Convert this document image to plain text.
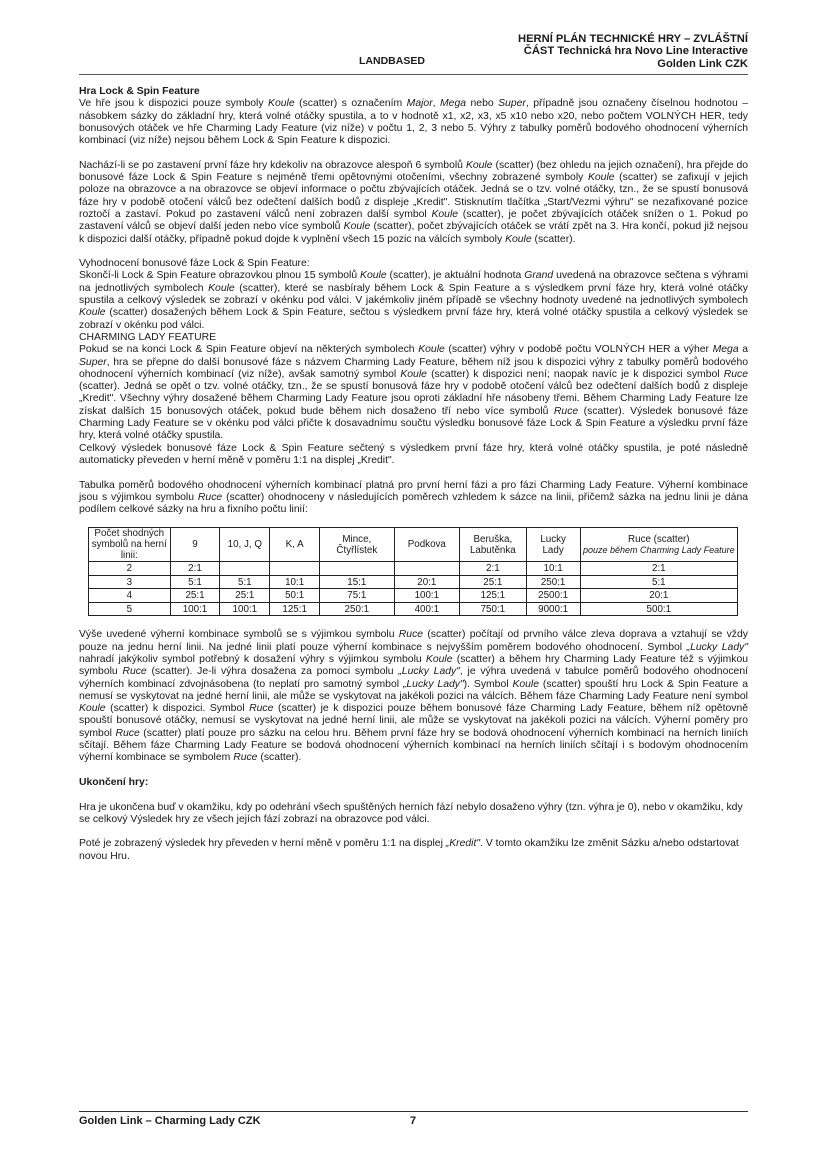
LANDBASED
HERNÍ PLÁN TECHNICKÉ HRY – ZVLÁŠTNÍ
ČÁST Technická hra Novo Line Interactive
Golden Link CZK

Hra Lock & Spin Feature

Ve hře jsou k dispozici pouze symboly Koule (scatter) s označením Major, Mega nebo Super, případně jsou označeny číselnou hodnotou – násobkem sázky do základní hry, která volné otáčky spustila, a to v hodnotě x1, x2, x3, x5 x10 nebo x20, nebo počtem VOLNÝCH HER, tedy bonusových otáček ve hře Charming Lady Feature (viz níže) v počtu 1, 2, 3 nebo 5. Výhry z tabulky poměrů bodového ohodnocení výherních kombinací (viz níže) nejsou během Lock & Spin Feature k dispozici.

Nachází-li se po zastavení první fáze hry kdekoliv na obrazovce alespoň 6 symbolů Koule (scatter) (bez ohledu na jejich označení), hra přejde do bonusové fáze Lock & Spin Feature s nejméně třemi opětovnými otočeními, všechny zobrazené symboly Koule (scatter) se zafixují v jejich poloze na obrazovce a na obrazovce se objeví informace o počtu zbývajících otáček. Jedná se o tzv. volné otáčky, tzn., že se spustí bonusová fáze hry v podobě otočení válců bez odečtení dalších bodů z displeje „Kredit". Stisknutím tlačítka „Start/Vezmi výhru" se nezafixované pozice roztočí a zastaví. Pokud po zastavení válců není zobrazen další symbol Koule (scatter), je počet zbývajících otáček snížen o 1. Pokud po zastavení válců se objeví další jeden nebo více symbolů Koule (scatter), počet zbývajících otáček se vrátí zpět na 3. Hra končí, pokud již nejsou k dispozici další otáčky, případně pokud dojde k vyplnění všech 15 pozic na válcích symboly Koule (scatter).

Vyhodnocení bonusové fáze Lock & Spin Feature:

Skončí-li Lock & Spin Feature obrazovkou plnou 15 symbolů Koule (scatter), je aktuální hodnota Grand uvedená na obrazovce sečtena s výhrami na jednotlivých symbolech Koule (scatter), které se nasbíraly během Lock & Spin Feature a s výsledkem první fáze hry, která volné otáčky spustila a celkový výsledek se zobrazí v okénku pod válci. V jakémkoliv jiném případě se všechny hodnoty uvedené na jednotlivých symbolech Koule (scatter) dosažených během Lock & Spin Feature, sečtou s výsledkem první fáze hry, která volné otáčky spustila a celkový výsledek se zobrazí v okénku pod válci.

CHARMING LADY FEATURE

Pokud se na konci Lock & Spin Feature objeví na některých symbolech Koule (scatter) výhry v podobě počtu VOLNÝCH HER a výher Mega a Super, hra se přepne do další bonusové fáze s názvem Charming Lady Feature, během níž jsou k dispozici výhry z tabulky poměrů bodového ohodnocení výherních kombinací (viz níže), avšak samotný symbol Koule (scatter) k dispozici není; naopak navíc je k dispozici symbol Ruce (scatter). Jedná se opět o tzv. volné otáčky, tzn., že se spustí bonusová fáze hry v podobě otočení válců bez odečtení dalších bodů z displeje „Kredit". Všechny výhry dosažené během Charming Lady Feature jsou oproti základní hře násobeny třemi. Během Charming Lady Feature lze získat dalších 15 bonusových otáček, pokud bude během nich dosaženo tří nebo více symbolů Ruce (scatter). Výsledek bonusové fáze Charming Lady Feature se v okénku pod válci přičte k dosavadnímu součtu výsledku bonusové fáze Lock & Spin Feature a výsledku první fáze hry, která volné otáčky spustila.

Celkový výsledek bonusové fáze Lock & Spin Feature sečtený s výsledkem první fáze hry, která volné otáčky spustila, je poté následně automaticky převeden v herní měně v poměru 1:1 na displej „Kredit".

Tabulka poměrů bodového ohodnocení výherních kombinací platná pro první herní fázi a pro fázi Charming Lady Feature. Výherní kombinace jsou s výjimkou symbolu Ruce (scatter) ohodnoceny v následujících poměrech vzhledem k sázce na linii, přičemž sázka na jednu linii je dána podílem celkové sázky na hru a fixního počtu linií:

Počet shodných symbolů na herní linii:	9	10, J, Q	K, A	Mince, Čtyřlístek	Podkova	Beruška, Labutěnka	Lucky Lady	Ruce (scatter)
pouze během Charming Lady Feature

2	2:1					2:1	10:1	2:1
3	5:1	5:1	10:1	15:1	20:1	25:1	250:1	5:1
4	25:1	25:1	50:1	75:1	100:1	125:1	2500:1	20:1
5	100:1	100:1	125:1	250:1	400:1	750:1	9000:1	500:1

Výše uvedené výherní kombinace symbolů se s výjimkou symbolu Ruce (scatter) počítají od prvního válce zleva doprava a vztahují se vždy pouze na jednu herní linii. Na jedné linii platí pouze výherní kombinace s nejvyšším poměrem bodového ohodnocení. Symbol „Lucky Lady" nahradí jakýkoliv symbol potřebný k dosažení výhry s výjimkou symbolu Koule (scatter) a během hry Charming Lady Feature též s výjimkou symbolu Ruce (scatter). Je-li výhra dosažena za pomoci symbolu „Lucky Lady", je výhra uvedená v tabulce poměrů bodového ohodnocení výherních kombinací zdvojnásobena (to neplatí pro samotný symbol „Lucky Lady"). Symbol Koule (scatter) spouští hru Lock & Spin Feature a nemusí se vyskytovat na jedné herní linii, ale může se vyskytovat na jakékoli pozici na válcích. Během fáze Charming Lady Feature není symbol Koule (scatter) k dispozici. Symbol Ruce (scatter) je k dispozici pouze během bonusové fáze Charming Lady Feature, během níž opětovně spouští bonusové otáčky, nemusí se vyskytovat na jedné herní linii, ale může se vyskytovat na jakékoli pozici na válcích. Výherní poměry pro symbol Ruce (scatter) platí pouze pro sázku na celou hru. Během první fáze hry se bodová ohodnocení výherních kombinací na herních liniích sčítají. Během fáze Charming Lady Feature se bodová ohodnocení výherních kombinací na herních liniích sčítají i s bodovým ohodnocením výherní kombinace se symbolem Ruce (scatter).

Ukončení hry:

Hra je ukončena buď v okamžiku, kdy po odehrání všech spuštěných herních fází nebylo dosaženo výhry (tzn. výhra je 0), nebo v okamžiku, kdy se celkový Výsledek hry ze všech jejích fází zobrazí na obrazovce pod válci.

Poté je zobrazený výsledek hry převeden v herní měně v poměru 1:1 na displej „Kredit". V tomto okamžiku lze změnit Sázku a/nebo odstartovat novou Hru.

Golden Link – Charming Lady CZK	7
